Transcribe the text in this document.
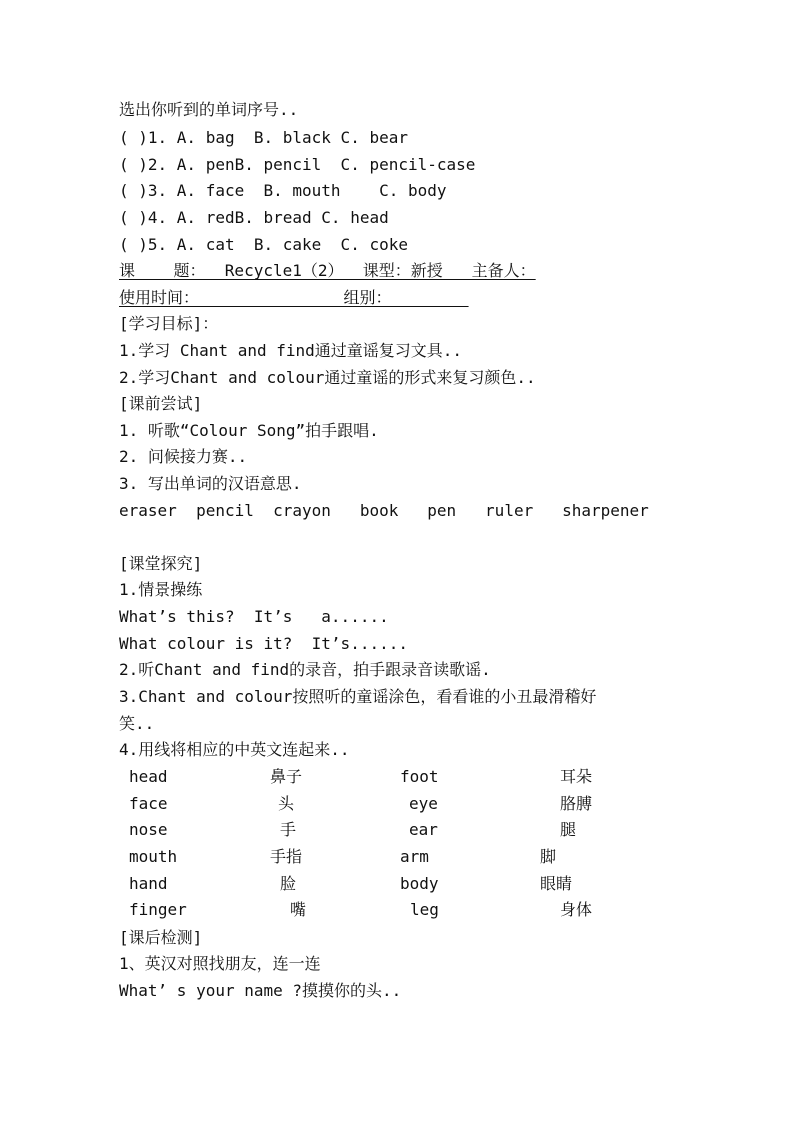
选出你听到的单词序号..
( )1. A. bag  B. black C. bear
( )2. A. penB. pencil  C. pencil-case
( )3. A. face  B. mouth    C. body
( )4. A. redB. bread C. head
( )5. A. cat  B. cake  C. coke
课    题：  Recycle1（2）  课型：新授   主备人：
使用时间：               组别：
[学习目标]：
1.学习 Chant and find通过童谣复习文具..
2.学习Chant and colour通过童谣的形式来复习颜色..
[课前尝试]
1. 听歌“Colour Song”拍手跟唱.
2. 问候接力赛..
3. 写出单词的汉语意思.
eraser  pencil  crayon   book   pen   ruler   sharpener
[课堂探究]
1.情景操练
What’s this?  It’s   a......
What colour is it?  It’s......
2.听Chant and find的录音，拍手跟录音读歌谣.
3.Chant and colour按照听的童谣涂色，看看谁的小丑最滑稽好
笑..
4.用线将相应的中英文连起来..
head	鼻子	foot	耳朵
face	头	eye	胳膊
nose	手	ear	腿
mouth	手指	arm	脚
hand	脸	body	眼睛
finger	嘴	leg	身体
[课后检测]
1、英汉对照找朋友，连一连
What’ s your name ?摸摸你的头..
